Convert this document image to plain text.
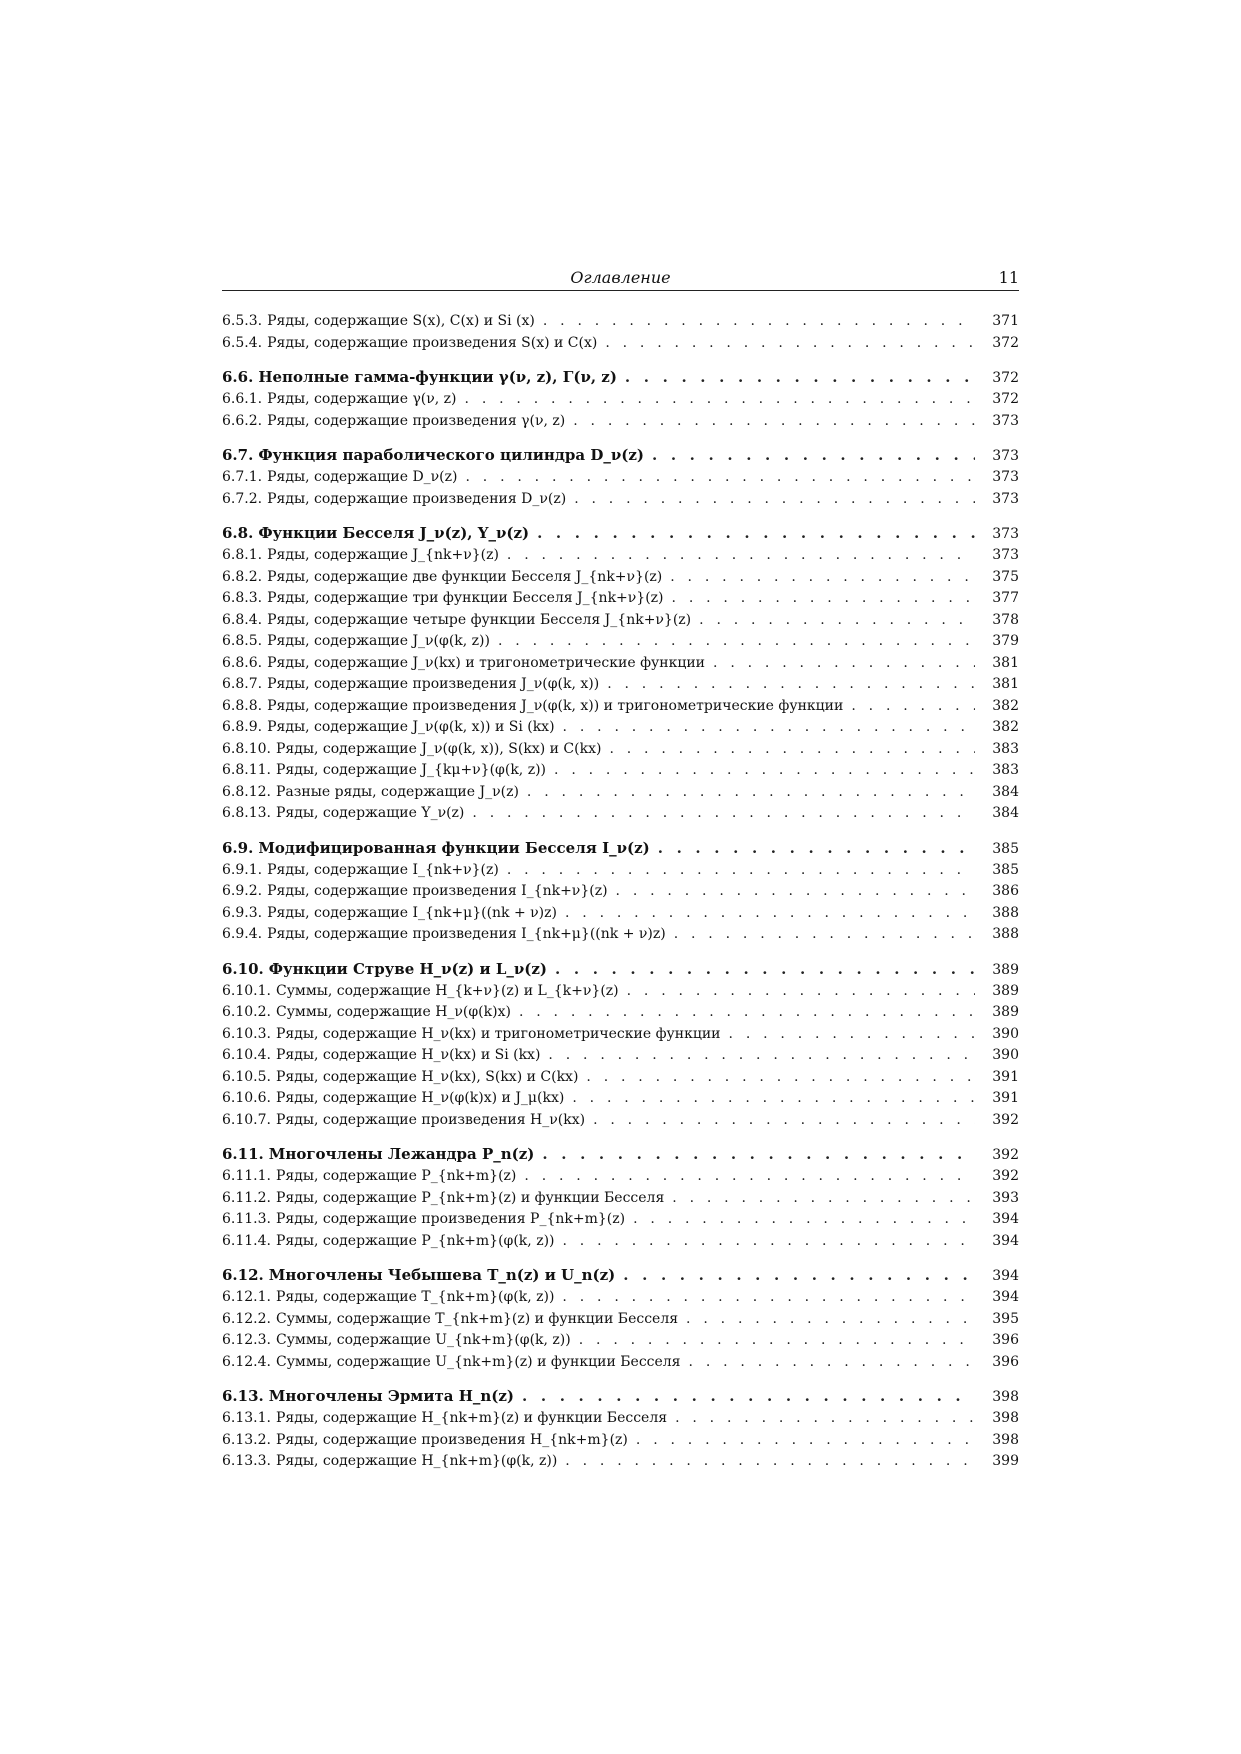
Оглавление	11
6.5.3. Ряды, содержащие S(x), C(x) и Si (x) . . .	371
6.5.4. Ряды, содержащие произведения S(x) и C(x) . . .	372
6.6. Неполные гамма-функции γ(ν, z), Γ(ν, z) . . .	372
6.6.1. Ряды, содержащие γ(ν, z) . . .	372
6.6.2. Ряды, содержащие произведения γ(ν, z) . . .	373
6.7. Функция параболического цилиндра D_ν(z) . . .	373
6.7.1. Ряды, содержащие D_ν(z) . . .	373
6.7.2. Ряды, содержащие произведения D_ν(z) . . .	373
6.8. Функции Бесселя J_ν(z), Y_ν(z) . . .	373
6.8.1. Ряды, содержащие J_{nk+ν}(z) . . .	373
6.8.2. Ряды, содержащие две функции Бесселя J_{nk+ν}(z) . . .	375
6.8.3. Ряды, содержащие три функции Бесселя J_{nk+ν}(z) . . .	377
6.8.4. Ряды, содержащие четыре функции Бесселя J_{nk+ν}(z) . . .	378
6.8.5. Ряды, содержащие J_ν(φ(k, z)) . . .	379
6.8.6. Ряды, содержащие J_ν(kx) и тригонометрические функции . . .	381
6.8.7. Ряды, содержащие произведения J_ν(φ(k, x)) . . .	381
6.8.8. Ряды, содержащие произведения J_ν(φ(k, x)) и тригонометрические функции . . .	382
6.8.9. Ряды, содержащие J_ν(φ(k, x)) и Si (kx) . . .	382
6.8.10. Ряды, содержащие J_ν(φ(k, x)), S(kx) и C(kx) . . .	383
6.8.11. Ряды, содержащие J_{kμ+ν}(φ(k, z)) . . .	383
6.8.12. Разные ряды, содержащие J_ν(z) . . .	384
6.8.13. Ряды, содержащие Y_ν(z) . . .	384
6.9. Модифицированная функции Бесселя I_ν(z) . . .	385
6.9.1. Ряды, содержащие I_{nk+ν}(z) . . .	385
6.9.2. Ряды, содержащие произведения I_{nk+ν}(z) . . .	386
6.9.3. Ряды, содержащие I_{nk+μ}((nk + ν)z) . . .	388
6.9.4. Ряды, содержащие произведения I_{nk+μ}((nk + ν)z) . . .	388
6.10. Функции Струве H_ν(z) и L_ν(z) . . .	389
6.10.1. Суммы, содержащие H_{k+ν}(z) и L_{k+ν}(z) . . .	389
6.10.2. Суммы, содержащие H_ν(φ(k)x) . . .	389
6.10.3. Ряды, содержащие H_ν(kx) и тригонометрические функции . . .	390
6.10.4. Ряды, содержащие H_ν(kx) и Si (kx) . . .	390
6.10.5. Ряды, содержащие H_ν(kx), S(kx) и C(kx) . . .	391
6.10.6. Ряды, содержащие H_ν(φ(k)x) и J_μ(kx) . . .	391
6.10.7. Ряды, содержащие произведения H_ν(kx) . . .	392
6.11. Многочлены Лежандра P_n(z) . . .	392
6.11.1. Ряды, содержащие P_{nk+m}(z) . . .	392
6.11.2. Ряды, содержащие P_{nk+m}(z) и функции Бесселя . . .	393
6.11.3. Ряды, содержащие произведения P_{nk+m}(z) . . .	394
6.11.4. Ряды, содержащие P_{nk+m}(φ(k, z)) . . .	394
6.12. Многочлены Чебышева T_n(z) и U_n(z) . . .	394
6.12.1. Ряды, содержащие T_{nk+m}(φ(k, z)) . . .	394
6.12.2. Суммы, содержащие T_{nk+m}(z) и функции Бесселя . . .	395
6.12.3. Суммы, содержащие U_{nk+m}(φ(k, z)) . . .	396
6.12.4. Суммы, содержащие U_{nk+m}(z) и функции Бесселя . . .	396
6.13. Многочлены Эрмита H_n(z) . . .	398
6.13.1. Ряды, содержащие H_{nk+m}(z) и функции Бесселя . . .	398
6.13.2. Ряды, содержащие произведения H_{nk+m}(z) . . .	398
6.13.3. Ряды, содержащие H_{nk+m}(φ(k, z)) . . .	399
